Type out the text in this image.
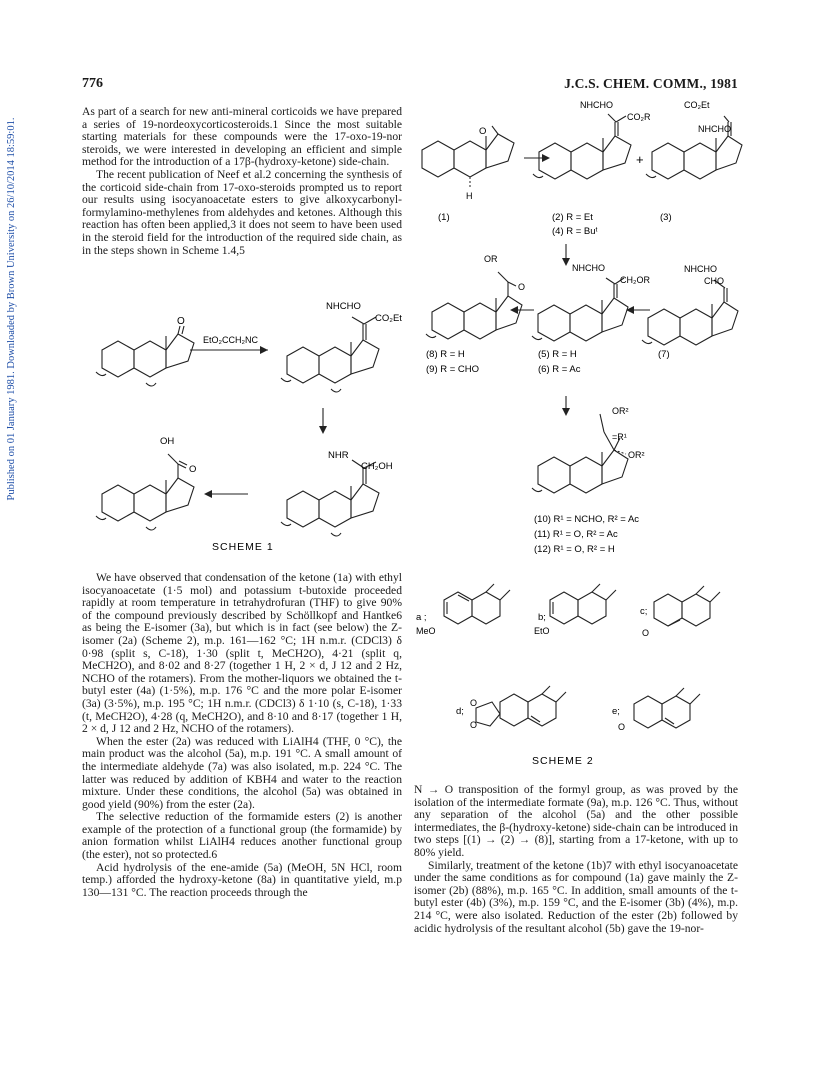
Published on 01 January 1981. Downloaded by Brown University on 26/10/2014 18:59:01.
776	J.C.S. CHEM. COMM., 1981

As part of a search for new anti-mineral corticoids we have prepared a series of 19-nordeoxycorticosteroids.1 Since the most suitable starting materials for these compounds were the 17-oxo-19-nor steroids, we were interested in developing an efficient and simple method for the introduction of a 17β-(hydroxy-ketone) side-chain.

The recent publication of Neef et al.2 concerning the synthesis of the corticoid side-chain from 17-oxo-steroids prompted us to report our results using isocyanoacetate esters to give alkoxycarbonyl-formylamino-methylenes from aldehydes and ketones. Although this reaction has often been applied,3 it does not seem to have been used in the steroid field for the introduction of the required side chain, as in the steps shown in Scheme 1.4,5

O
EtO₂CCH₂NC
NHCHO
CO₂Et
NHR
CH₂OH
OH
O
SCHEME 1

We have observed that condensation of the ketone (1a) with ethyl isocyanoacetate (1·5 mol) and potassium t-butoxide proceeded rapidly at room temperature in tetrahydrofuran (THF) to give 90% of the compound previously described by Schöllkopf and Hantke6 as being the E-isomer (3a), but which is in fact (see below) the Z-isomer (2a) (Scheme 2), m.p. 161—162 °C; 1H n.m.r. (CDCl3) δ 0·98 (split s, C-18), 1·30 (split t, MeCH2O), 4·21 (split q, MeCH2O), and 8·02 and 8·27 (together 1 H, 2 × d, J 12 and 2 Hz, NCHO of the rotamers). From the mother-liquors we obtained the t-butyl ester (4a) (1·5%), m.p. 176 °C and the more polar E-isomer (3a) (3·5%), m.p. 195 °C; 1H n.m.r. (CDCl3) δ 1·10 (s, C-18), 1·33 (t, MeCH2O), 4·28 (q, MeCH2O), and 8·10 and 8·17 (together 1 H, 2 × d, J 12 and 2 Hz, NCHO of the rotamers).

When the ester (2a) was reduced with LiAlH4 (THF, 0 °C), the main product was the alcohol (5a), m.p. 191 °C. A small amount of the intermediate aldehyde (7a) was also isolated, m.p. 224 °C. The latter was reduced by addition of KBH4 and water to the reaction mixture. Under these conditions, the alcohol (5a) was obtained in good yield (90%) from the ester (2a).

The selective reduction of the formamide esters (2) is another example of the protection of a functional group (the formamide) by anion formation whilst LiAlH4 reduces another functional group (the ester), not so protected.6

Acid hydrolysis of the ene-amide (5a) (MeOH, 5N HCl, room temp.) afforded the hydroxy-ketone (8a) in quantitative yield, m.p 130—131 °C. The reaction proceeds through the

O
H
(1)
NHCHO
CO₂R
(2) R = Et
(4) R = Buᵗ
+
CO₂Et
NHCHO
(3)
OR
O
(8) R = H
(9) R = CHO
NHCHO
CH₂OR
(5) R = H
(6) R = Ac
NHCHO
CHO
(7)
OR²
=R¹
OR²
(10) R¹ = NCHO, R² = Ac
(11) R¹ = O, R² = Ac
(12) R¹ = O, R² = H
a ;
MeO
b;
EtO
c;
O
d;
O
O
e;
O
SCHEME 2

N → O transposition of the formyl group, as was proved by the isolation of the intermediate formate (9a), m.p. 126 °C. Thus, without any separation of the alcohol (5a) and the other possible intermediates, the β-(hydroxy-ketone) side-chain can be introduced in two steps [(1) → (2) → (8)], starting from a 17-ketone, with up to 80% yield.

Similarly, treatment of the ketone (1b)7 with ethyl isocyanoacetate under the same conditions as for compound (1a) gave mainly the Z-isomer (2b) (88%), m.p. 165 °C. In addition, small amounts of the t-butyl ester (4b) (3%), m.p. 159 °C, and the E-isomer (3b) (4%), m.p. 214 °C, were also isolated. Reduction of the ester (2b) followed by acidic hydrolysis of the resultant alcohol (5b) gave the 19-nor-
